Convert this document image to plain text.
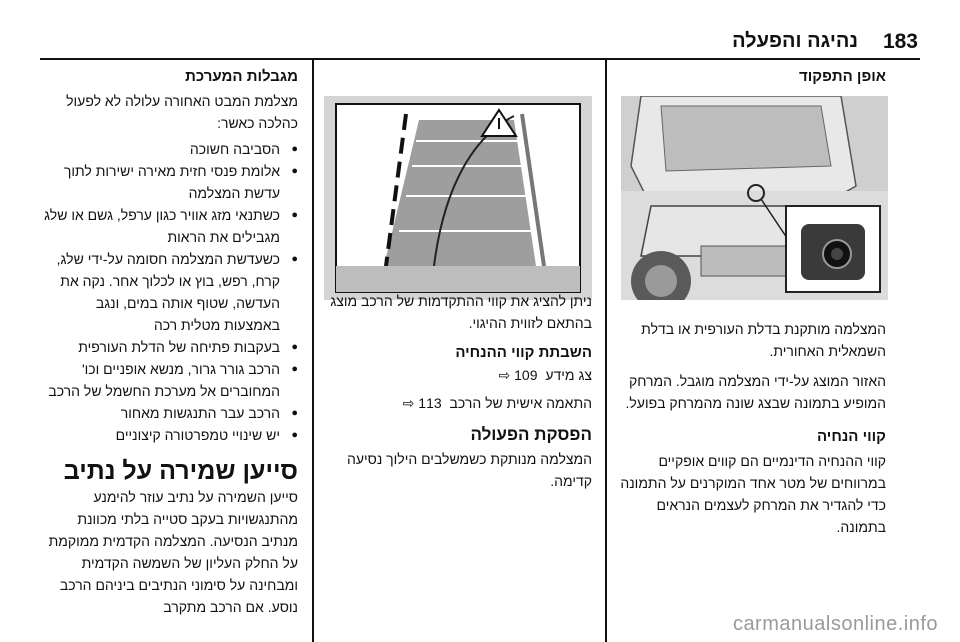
183
נהיגה והפעלה

מגבלות המערכת	אופן התפקוד

המצלמה מותקנת בדלת העורפית או בדלת השמאלית האחורית.

האזור המוצג על-ידי המצלמה מוגבל. המרחק המופיע בתמונה שבצג שונה מהמרחק בפועל.

קווי הנחיה

קווי ההנחיה הדינמיים הם קווים אופקיים במרווחים של מטר אחד המוקרנים על התמונה כדי להגדיר את המרחק לעצמים הנראים בתמונה.

ניתן להציג את קווי ההתקדמות של הרכב מוצג בהתאם לזווית ההיגוי.

השבתת קווי ההנחיה

צג מידע 109 ⇨

התאמה אישית של הרכב 113 ⇨

הפסקת הפעולה

המצלמה מנותקת כשמשלבים הילוך נסיעה קדימה.

מצלמת המבט האחורה עלולה לא לפעול כהלכה כאשר:

● הסביבה חשוכה
● אלומת פנסי חזית מאירה ישירות לתוך עדשת המצלמה
● כשתנאי מזג אוויר כגון ערפל, גשם או שלג מגבילים את הראות
● כשעדשת המצלמה חסומה על-ידי שלג, קרח, רפש, בוץ או לכלוך אחר. נקה את העדשה, שטוף אותה במים, ונגב באמצעות מטלית רכה
● בעקבות פתיחה של הדלת העורפית
● הרכב גורר גרור, מנשא אופניים וכו' המחוברים אל מערכת החשמל של הרכב
● הרכב עבר התנגשות מאחור
● יש שינויי טמפרטורה קיצוניים

סייען שמירה על נתיב

סייען השמירה על נתיב עוזר להימנע מהתנגשויות בעקב סטייה בלתי מכוונת מנתיב הנסיעה. המצלמה הקדמית ממוקמת על החלק העליון של השמשה הקדמית ומבחינה על סימוני הנתיבים ביניהם הרכב נוסע. אם הרכב מתקרב

carmanualsonline.info
